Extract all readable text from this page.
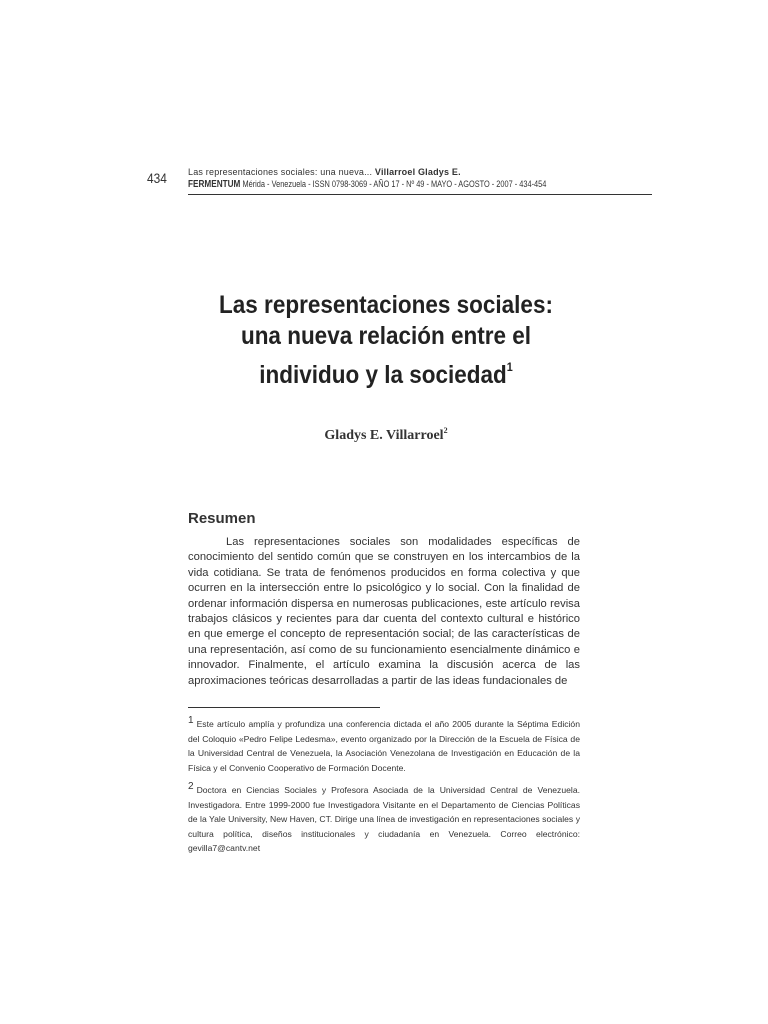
434 Las representaciones sociales: una nueva... Villarroel Gladys E.
FERMENTUM Mérida - Venezuela - ISSN 0798-3069 - AÑO 17 - Nº 49 - MAYO - AGOSTO - 2007 - 434-454
Las representaciones sociales:
una nueva relación entre el
individuo y la sociedad$^1$
Gladys E. Villarroel$^2$
Resumen

Las representaciones sociales son modalidades específicas de conocimiento del sentido común que se construyen en los intercambios de la vida cotidiana. Se trata de fenómenos producidos en forma colectiva y que ocurren en la intersección entre lo psicológico y lo social. Con la finalidad de ordenar información dispersa en numerosas publicaciones, este artículo revisa trabajos clásicos y recientes para dar cuenta del contexto cultural e histórico en que emerge el concepto de representación social; de las características de una representación, así como de su funcionamiento esencialmente dinámico e innovador. Finalmente, el artículo examina la discusión acerca de las aproximaciones teóricas desarrolladas a partir de las ideas fundacionales de

1 Este artículo amplía y profundiza una conferencia dictada el año 2005 durante la Séptima Edición del Coloquio «Pedro Felipe Ledesma», evento organizado por la Dirección de la Escuela de Física de la Universidad Central de Venezuela, la Asociación Venezolana de Investigación en Educación de la Física y el Convenio Cooperativo de Formación Docente.

2 Doctora en Ciencias Sociales y Profesora Asociada de la Universidad Central de Venezuela. Investigadora. Entre 1999-2000 fue Investigadora Visitante en el Departamento de Ciencias Políticas de la Yale University, New Haven, CT. Dirige una línea de investigación en representaciones sociales y cultura política, diseños institucionales y ciudadanía en Venezuela. Correo electrónico: gevilla7@cantv.net
